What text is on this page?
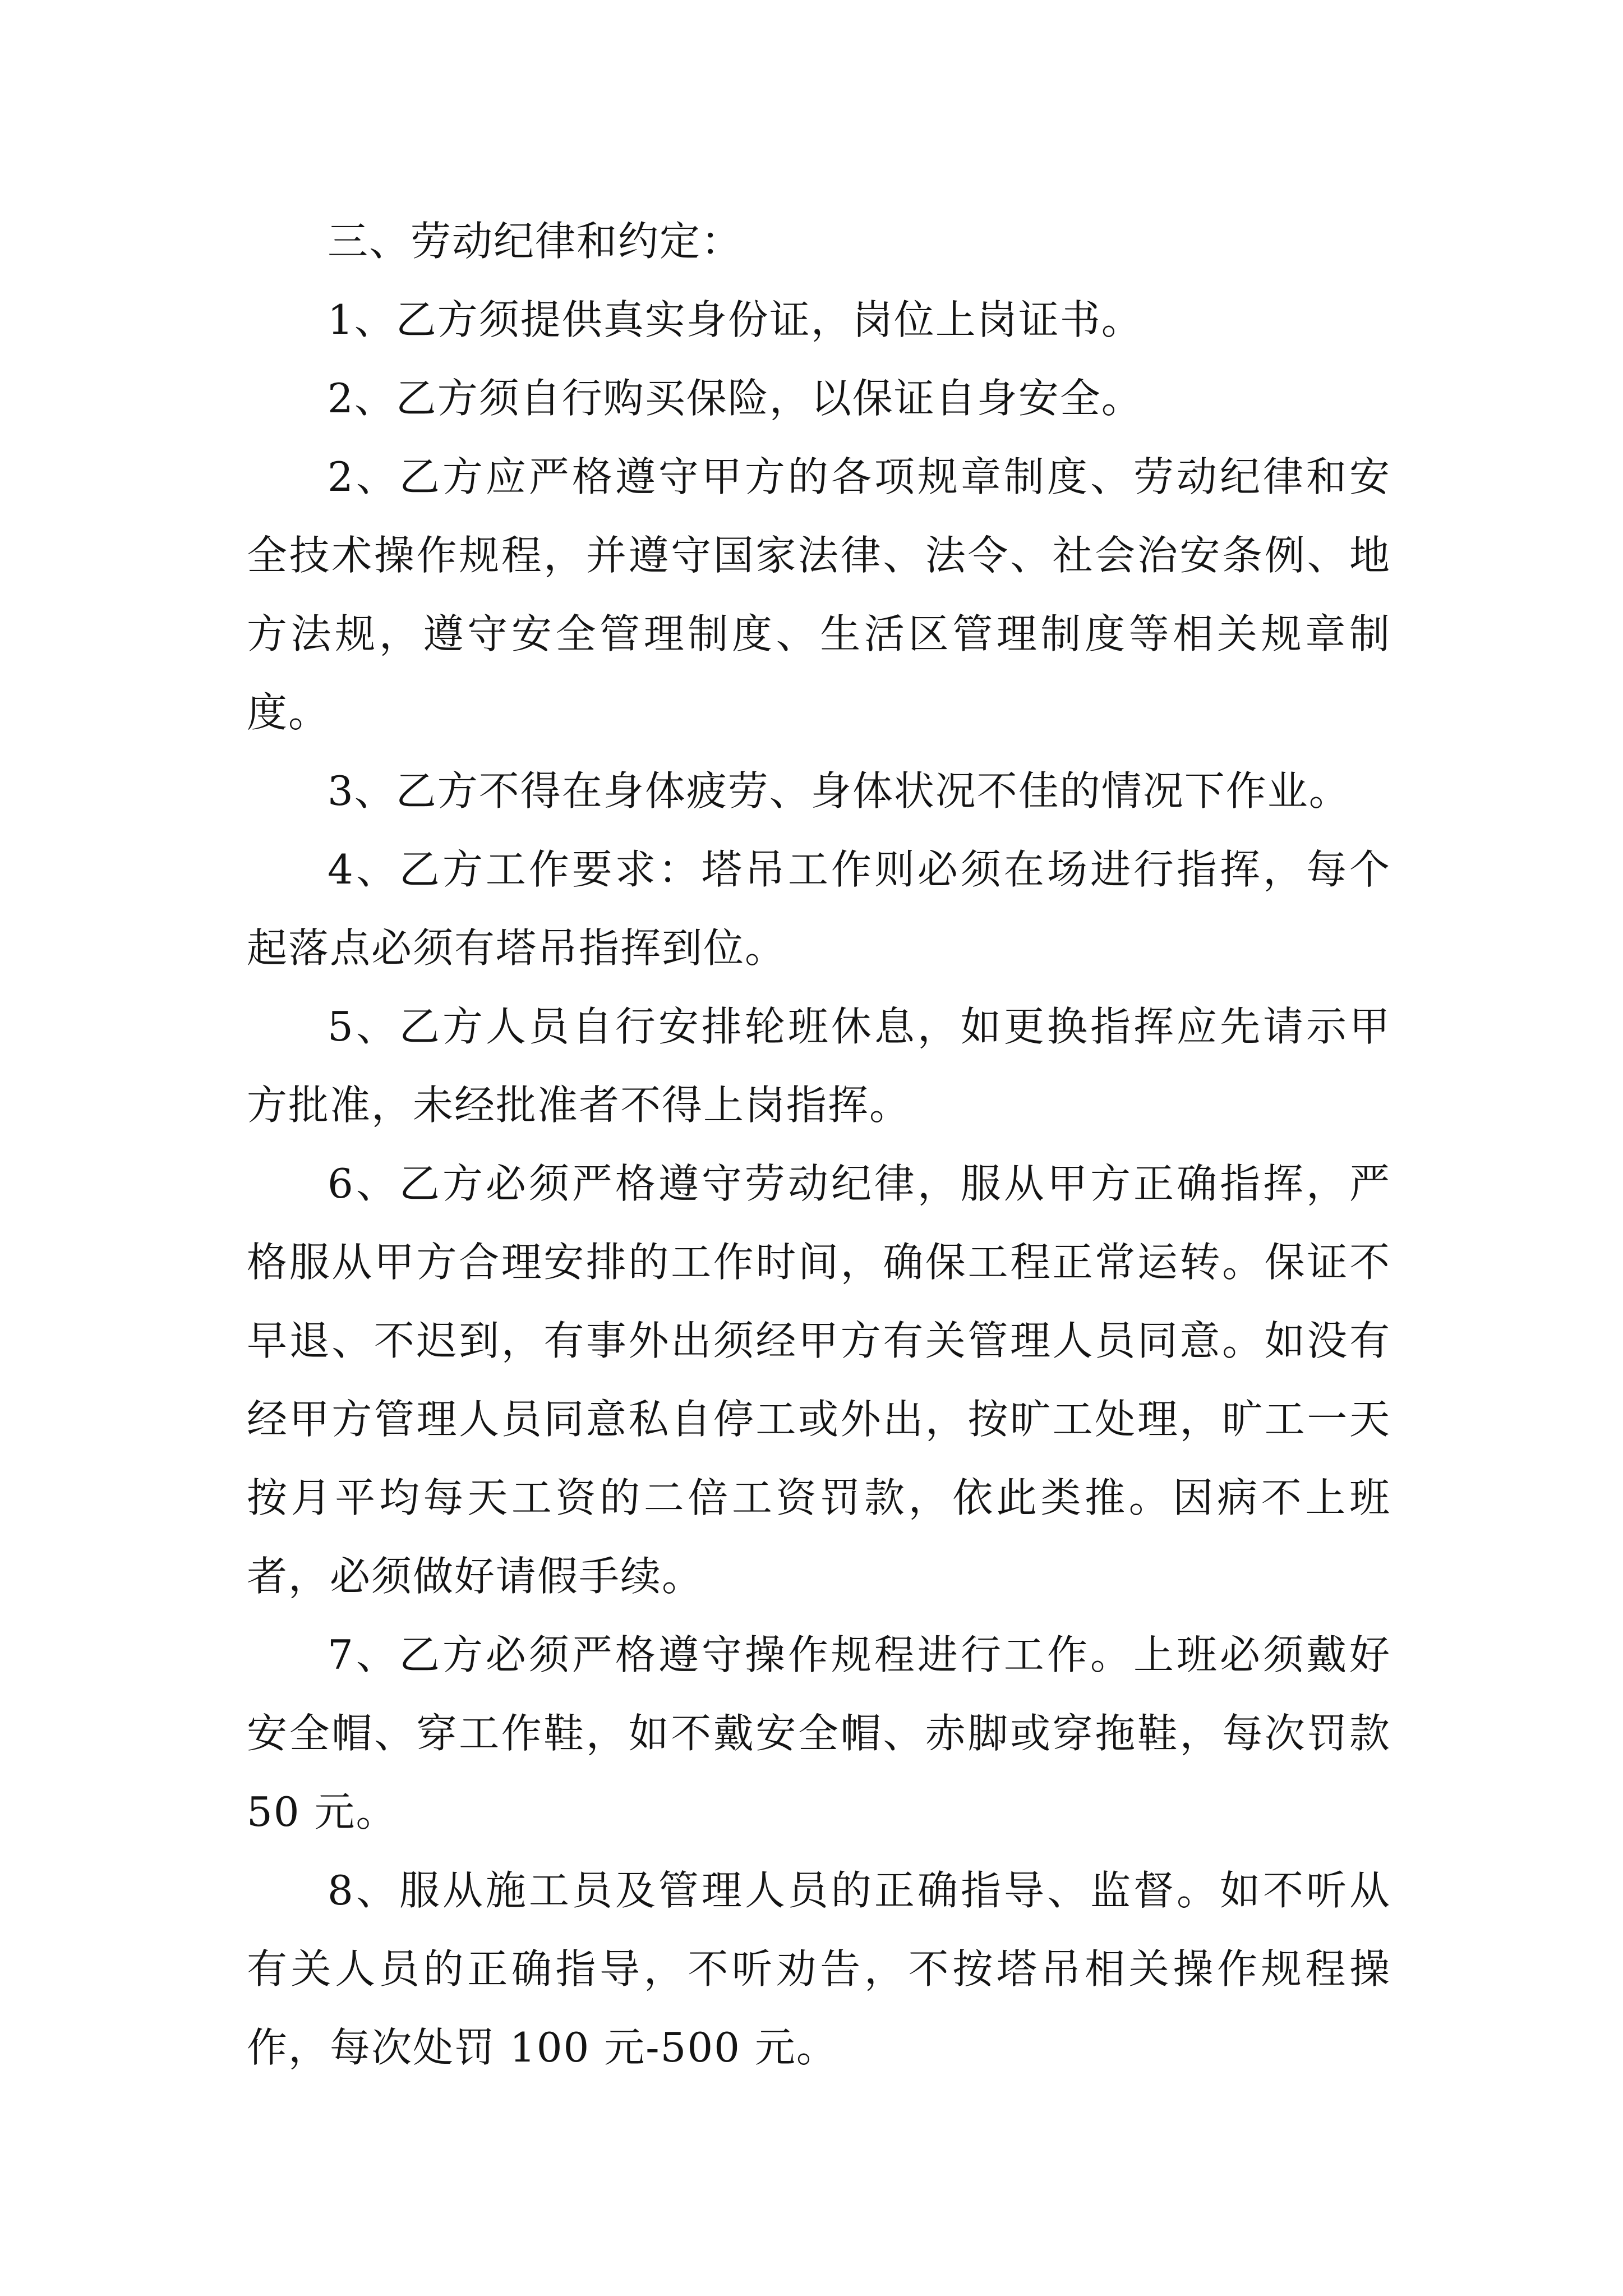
三、劳动纪律和约定：

1、乙方须提供真实身份证，岗位上岗证书。

2、乙方须自行购买保险，以保证自身安全。

2、乙方应严格遵守甲方的各项规章制度、劳动纪律和安全技术操作规程，并遵守国家法律、法令、社会治安条例、地方法规，遵守安全管理制度、生活区管理制度等相关规章制度。

3、乙方不得在身体疲劳、身体状况不佳的情况下作业。

4、乙方工作要求：塔吊工作则必须在场进行指挥，每个起落点必须有塔吊指挥到位。

5、乙方人员自行安排轮班休息，如更换指挥应先请示甲方批准，未经批准者不得上岗指挥。

6、乙方必须严格遵守劳动纪律，服从甲方正确指挥，严格服从甲方合理安排的工作时间，确保工程正常运转。保证不早退、不迟到，有事外出须经甲方有关管理人员同意。如没有经甲方管理人员同意私自停工或外出，按旷工处理，旷工一天按月平均每天工资的二倍工资罚款，依此类推。因病不上班者，必须做好请假手续。

7、乙方必须严格遵守操作规程进行工作。上班必须戴好安全帽、穿工作鞋，如不戴安全帽、赤脚或穿拖鞋，每次罚款 50 元。

8、服从施工员及管理人员的正确指导、监督。如不听从有关人员的正确指导，不听劝告，不按塔吊相关操作规程操作，每次处罚 100 元-500 元。
